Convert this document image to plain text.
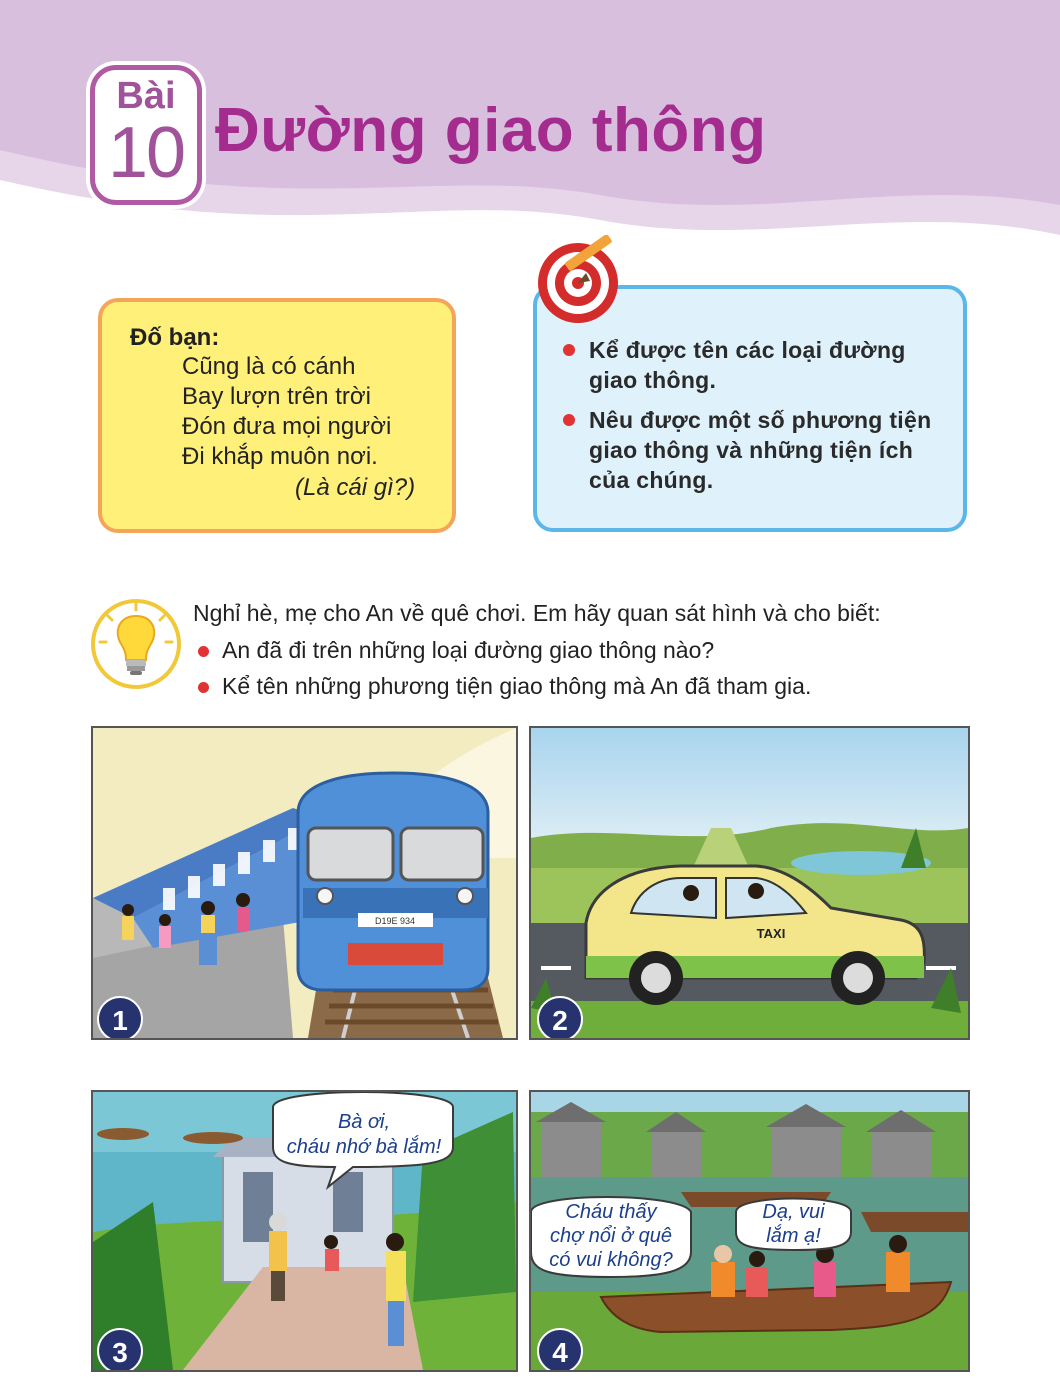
Bài
10 Đường giao thông
Đố bạn:
Cũng là có cánh
Bay lượn trên trời
Đón đưa mọi người
Đi khắp muôn nơi.
(Là cái gì?)
Kể được tên các loại đường
giao thông.
Nêu được một số phương tiện
giao thông và những tiện ích
của chúng.
Nghỉ hè, mẹ cho An về quê chơi. Em hãy quan sát hình và cho biết:
An đã đi trên những loại đường giao thông nào?
Kể tên những phương tiện giao thông mà An đã tham gia.
D19E 934
1
TAXI
2
Bà ơi,
cháu nhớ bà lắm!
3
Cháu thấy
chợ nổi ở quê
có vui không?
Dạ, vui
lắm ạ!
4
